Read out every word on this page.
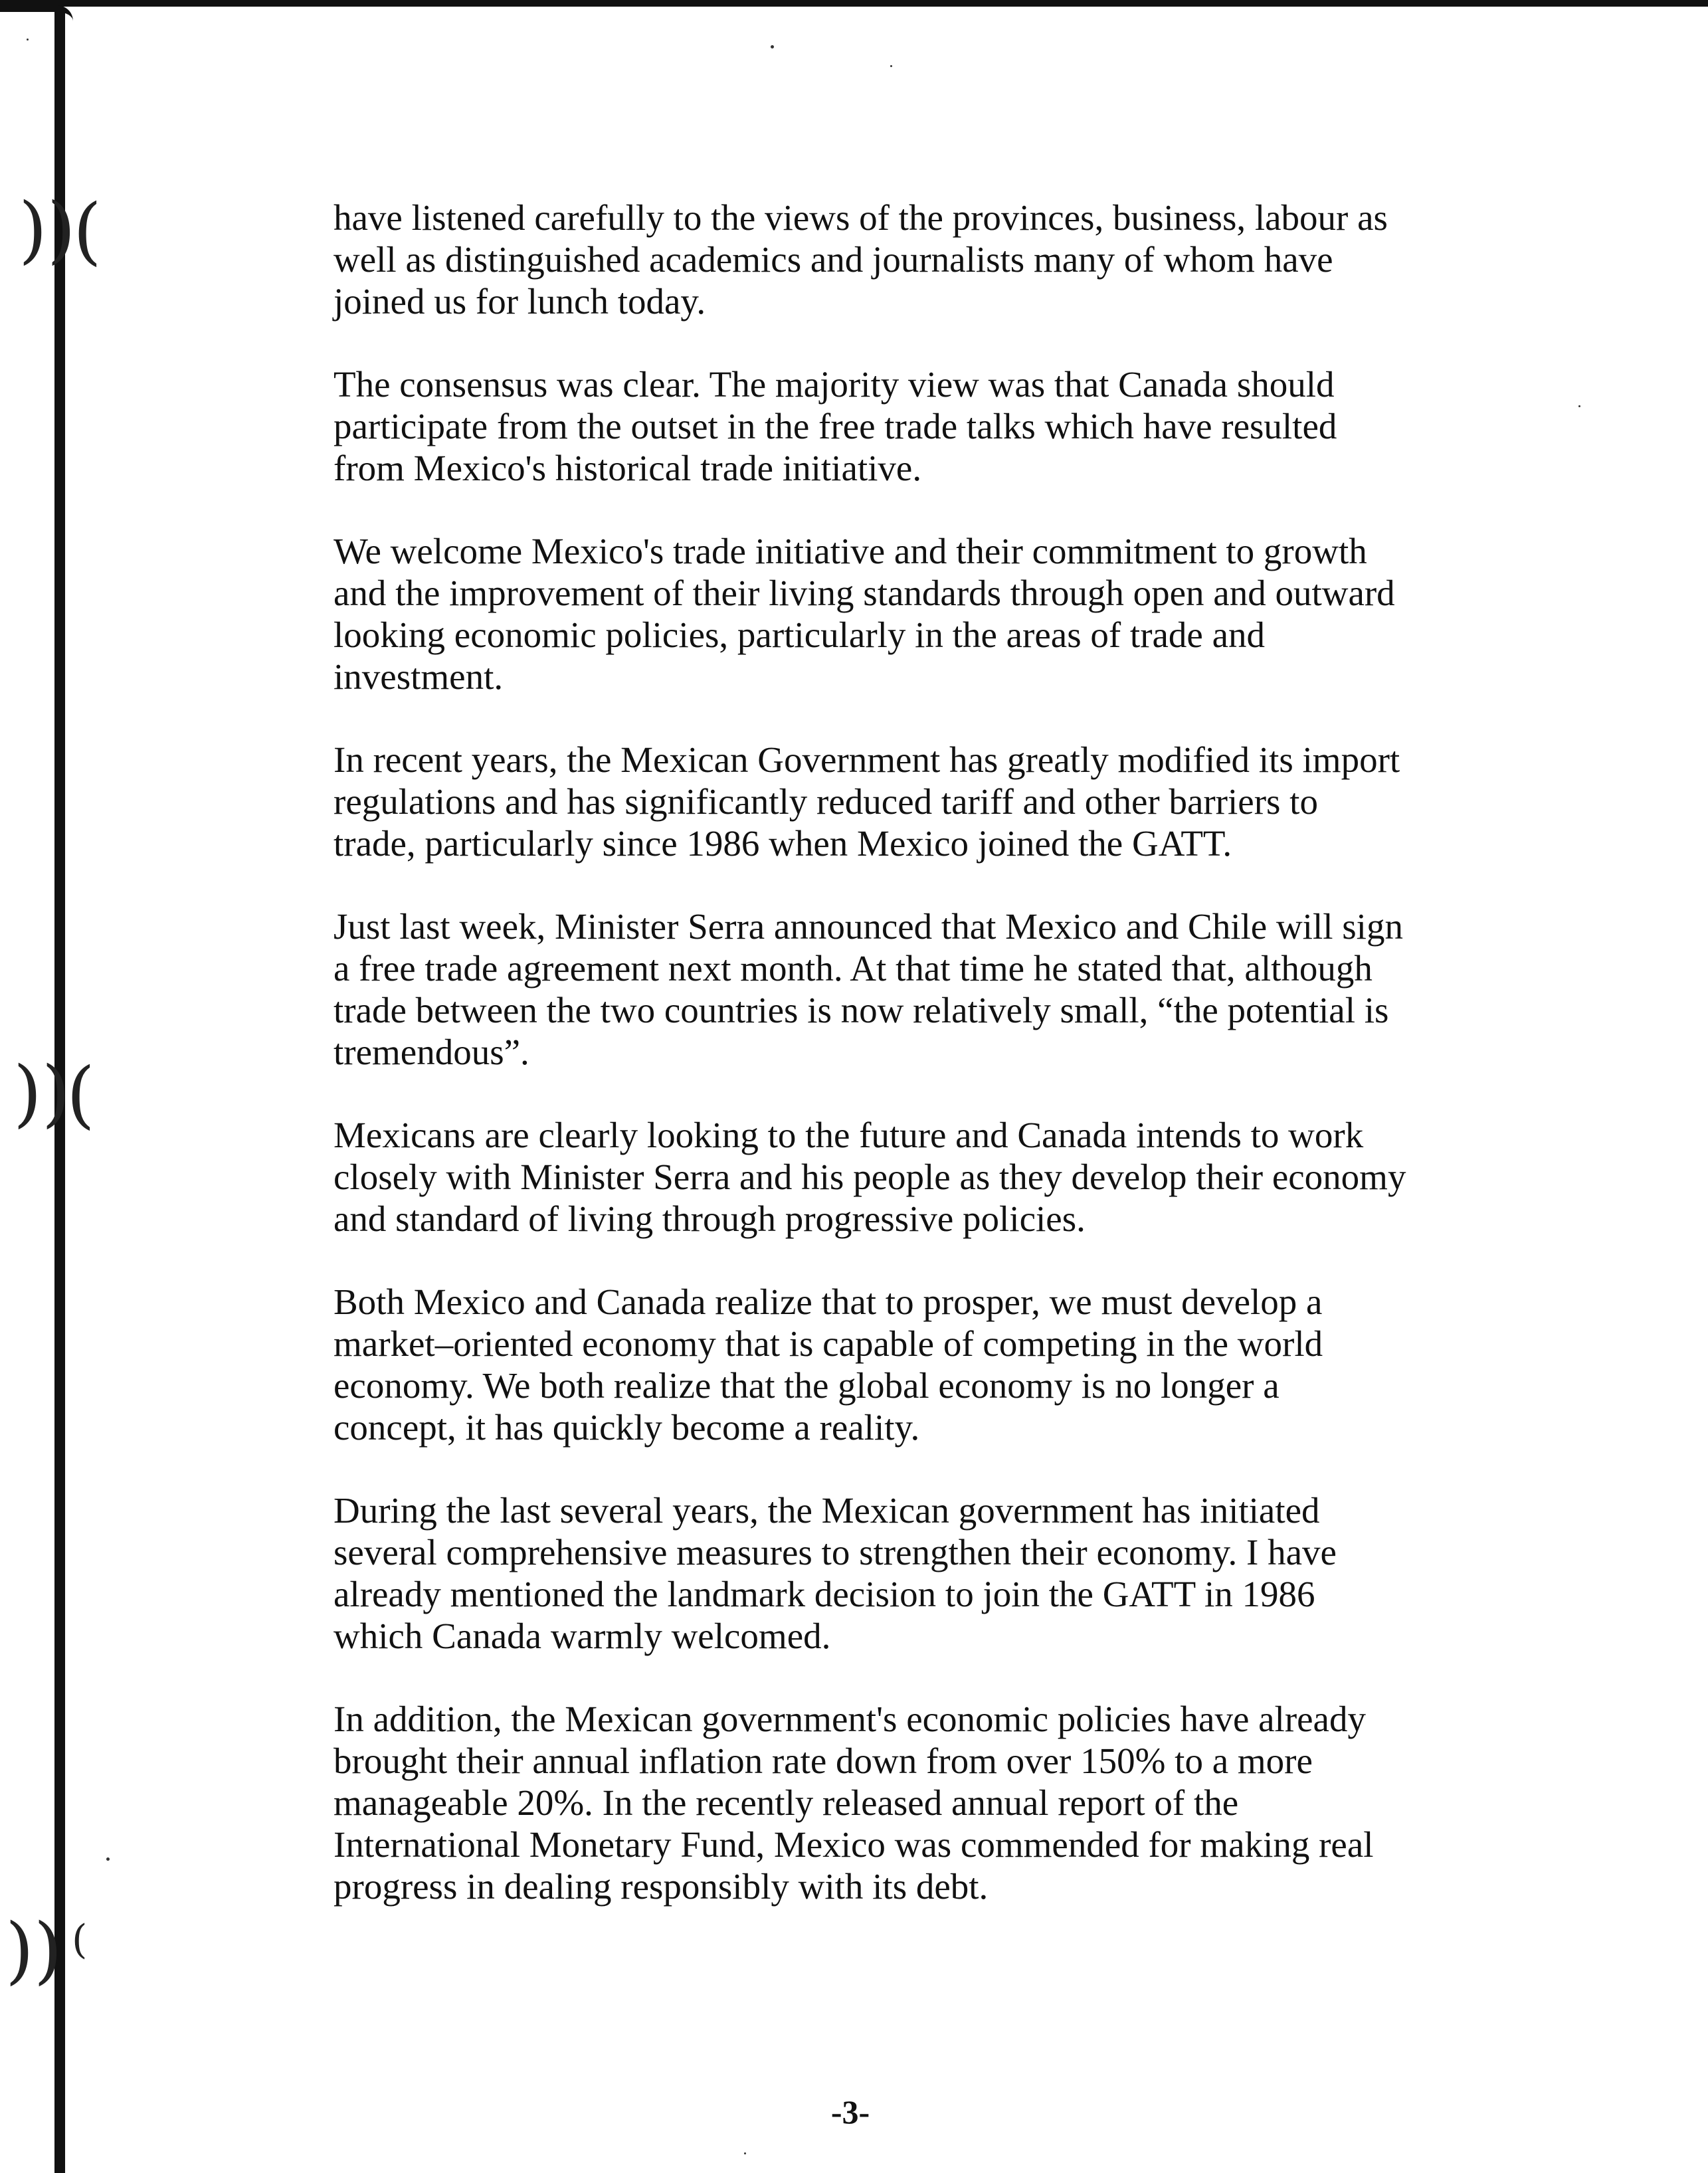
))
(
))
(
)) (

have listened carefully to the views of the provinces, business, labour as
well as distinguished academics and journalists many of whom have
joined us for lunch today.

The consensus was clear. The majority view was that Canada should
participate from the outset in the free trade talks which have resulted
from Mexico's historical trade initiative.

We welcome Mexico's trade initiative and their commitment to growth
and the improvement of their living standards through open and outward
looking economic policies, particularly in the areas of trade and
investment.

In recent years, the Mexican Government has greatly modified its import
regulations and has significantly reduced tariff and other barriers to
trade, particularly since 1986 when Mexico joined the GATT.

Just last week, Minister Serra announced that Mexico and Chile will sign
a free trade agreement next month. At that time he stated that, although
trade between the two countries is now relatively small, “the potential is
tremendous”.

Mexicans are clearly looking to the future and Canada intends to work
closely with Minister Serra and his people as they develop their economy
and standard of living through progressive policies.

Both Mexico and Canada realize that to prosper, we must develop a
market–oriented economy that is capable of competing in the world
economy. We both realize that the global economy is no longer a
concept, it has quickly become a reality.

During the last several years, the Mexican government has initiated
several comprehensive measures to strengthen their economy. I have
already mentioned the landmark decision to join the GATT in 1986
which Canada warmly welcomed.

In addition, the Mexican government's economic policies have already
brought their annual inflation rate down from over 150% to a more
manageable 20%. In the recently released annual report of the
International Monetary Fund, Mexico was commended for making real
progress in dealing responsibly with its debt.

-3-
